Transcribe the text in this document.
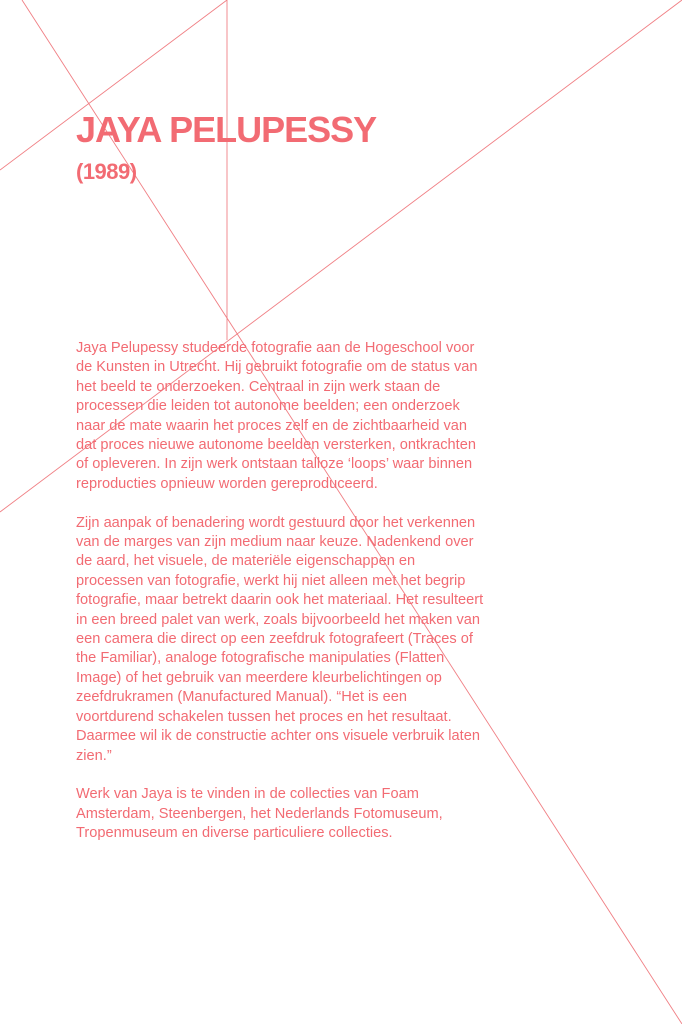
JAYA PELUPESSY
(1989)

Jaya Pelupessy studeerde fotografie aan de Hogeschool voor de Kunsten in Utrecht. Hij gebruikt fotografie om de status van het beeld te onderzoeken. Centraal in zijn werk staan de processen die leiden tot autonome beelden; een onderzoek naar de mate waarin het proces zelf en de zichtbaarheid van dat proces nieuwe autonome beelden versterken, ontkrachten of opleveren. In zijn werk ontstaan talloze ‘loops’ waar binnen reproducties opnieuw worden gereproduceerd.

Zijn aanpak of benadering wordt gestuurd door het verkennen van de marges van zijn medium naar keuze. Nadenkend over de aard, het visuele, de materiële eigenschappen en processen van fotografie, werkt hij niet alleen met het begrip fotografie, maar betrekt daarin ook het materiaal. Het resulteert in een breed palet van werk, zoals bijvoorbeeld het maken van een camera die direct op een zeefdruk fotografeert (Traces of the Familiar), analoge fotografische manipulaties (Flatten Image) of het gebruik van meerdere kleurbelichtingen op zeefdrukramen (Manufactured Manual). “Het is een voortdurend schakelen tussen het proces en het resultaat. Daarmee wil ik de constructie achter ons visuele verbruik laten zien.”

Werk van Jaya is te vinden in de collecties van Foam Amsterdam, Steenbergen, het Nederlands Fotomuseum, Tropenmuseum en diverse particuliere collecties.
